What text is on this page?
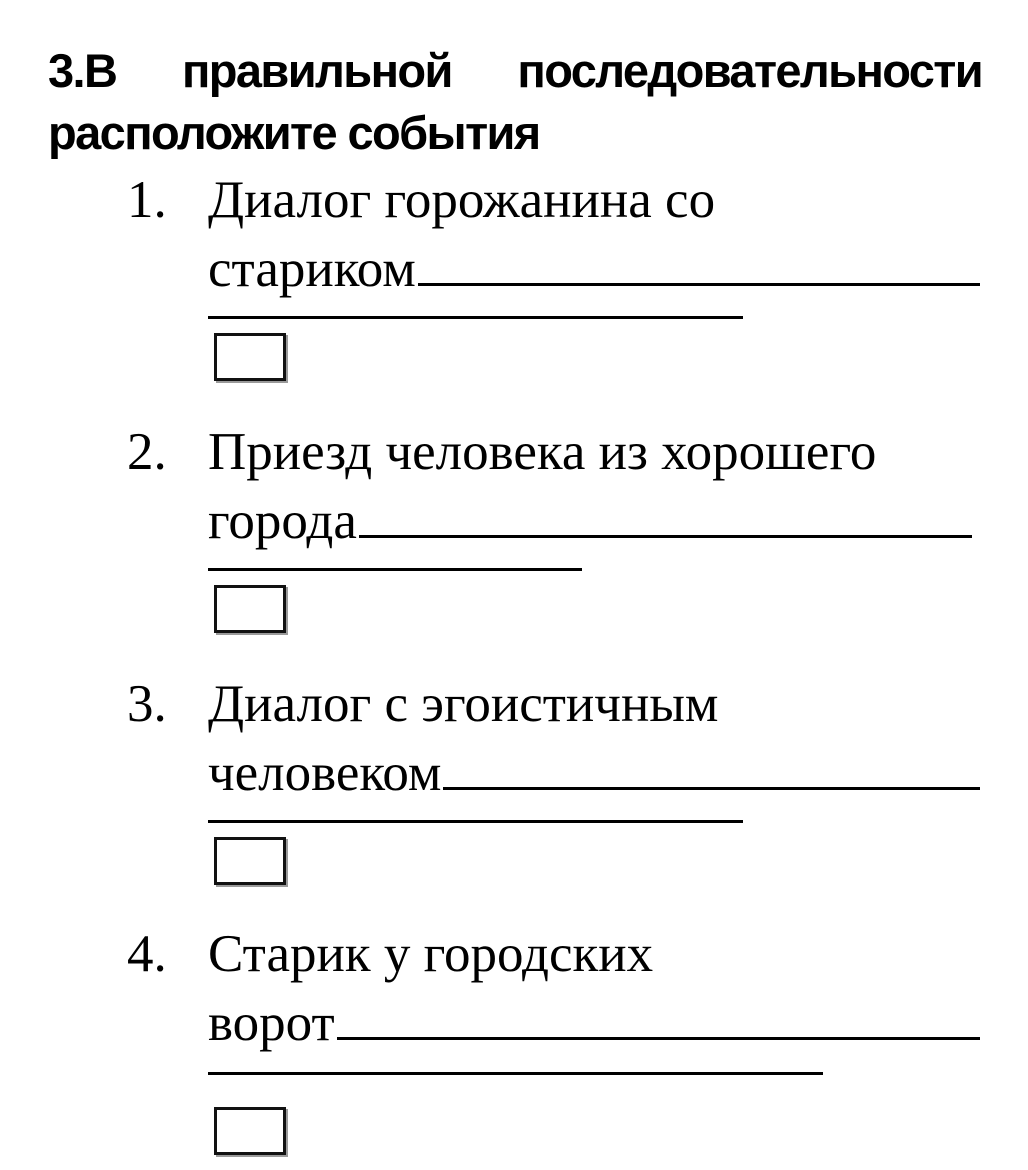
3.В правильной последовательности расположите события
1. Диалог горожанина со
стариком
2. Приезд человека из хорошего
города
3. Диалог с эгоистичным
человеком
4. Старик у городских
ворот
